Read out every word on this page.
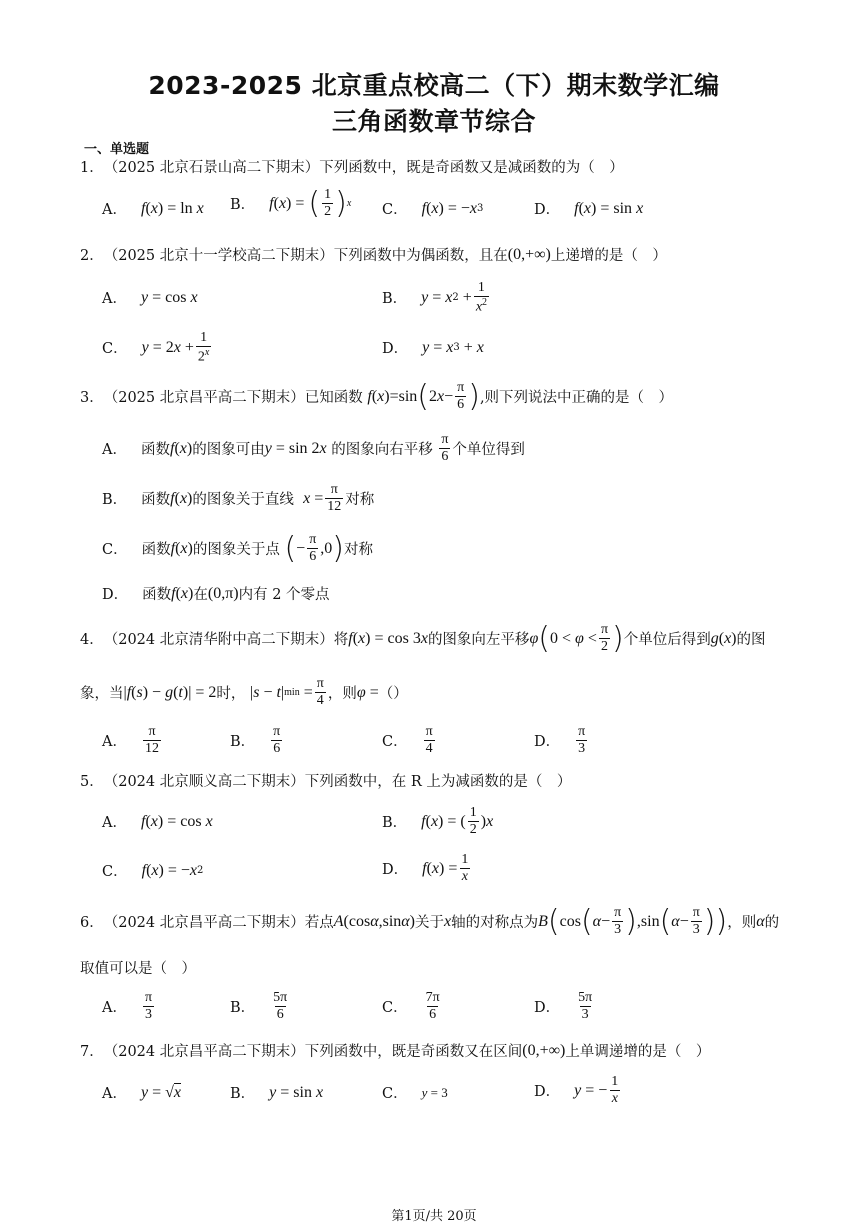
2023-2025 北京重点校高二（下）期末数学汇编
三角函数章节综合
一、单选题
1． （2025 北京石景山高二下期末） 下列函数中，既是奇函数又是减函数的为（　）
A． f ( x ) = ln x B． f ( x ) = ( $\frac{1}{2}$ ) x C． f ( x ) = − x 3	D． f ( x ) = sin x
2． （2025 北京十一学校高二下期末） 下列函数中为偶函数，且在 (0,+∞) 上递增的是（　）
A． y = cos x	B． y = x $2 + \frac{1}{x^2}$
C． y = 2 $x + \frac{1}{2^x}$	D． y = x 3 + x
3． （2025 北京昌平高二下期末） 已知函数
f ( x )=sin ( 2 $x - \frac{\pi}{6}$ ) ,则下列说法中正确的是（　）
A． 函数 f ( x ) 的图象可由 y = sin 2 x
的图象向右平移
$\frac{\pi}{6}$ 个单位得到
B． 函数 f ( x ) 的图象关于直线
$x = \frac{\pi}{12}$ 对称
C． 函数 f ( x ) 的图象关于点
( − $\frac{\pi}{6} ,0$ ) 对称
D． 函数 f ( x ) 在 (0,π) 内有 2 个零点
4． （2024 北京清华附中高二下期末） 将 f ( x ) = cos 3 x 的图象向左平移 φ ( $0 < \varphi < \frac{\pi}{2}$ ) 个单位后得到 g ( x ) 的图
象，当 | f ( s ) − g ( t )| = 2 时，
| s − t | $\min = \frac{\pi}{4}$ ，则 φ = （）
A． $\frac{\pi}{12}$	B． $\frac{\pi}{6}$	C． $\frac{\pi}{4}$	D． $\frac{\pi}{3}$
5． （2024 北京顺义高二下期末） 下列函数中，在 R 上为减函数的是（　）
A． f ( x ) = cos x	B． f ( x ) = ( $\frac{1}{2}$ ) x
C． f ( x ) = − x 2	D． f ( x ) = $\frac{1}{x}$
6． （2024 北京昌平高二下期末） 若点 A (cos α ,sin α ) 关于 x 轴的对称点为 B ( cos ( $\alpha - \frac{\pi}{3}$ ) ,sin ( $\alpha - \frac{\pi}{3}$ ) ) ，则 α 的
取值可以是（　）
A． $\frac{\pi}{3}$	B． $\frac{5\pi}{6}$	C． $\frac{7\pi}{6}$	D． $\frac{5\pi}{3}$
7． （2024 北京昌平高二下期末） 下列函数中，既是奇函数又在区间 (0,+∞) 上单调递增的是（　）
A． y = √ x	B． y = sin x	C． y = 3	D． y = − $\frac{1}{x}$
第1页/共 20页
